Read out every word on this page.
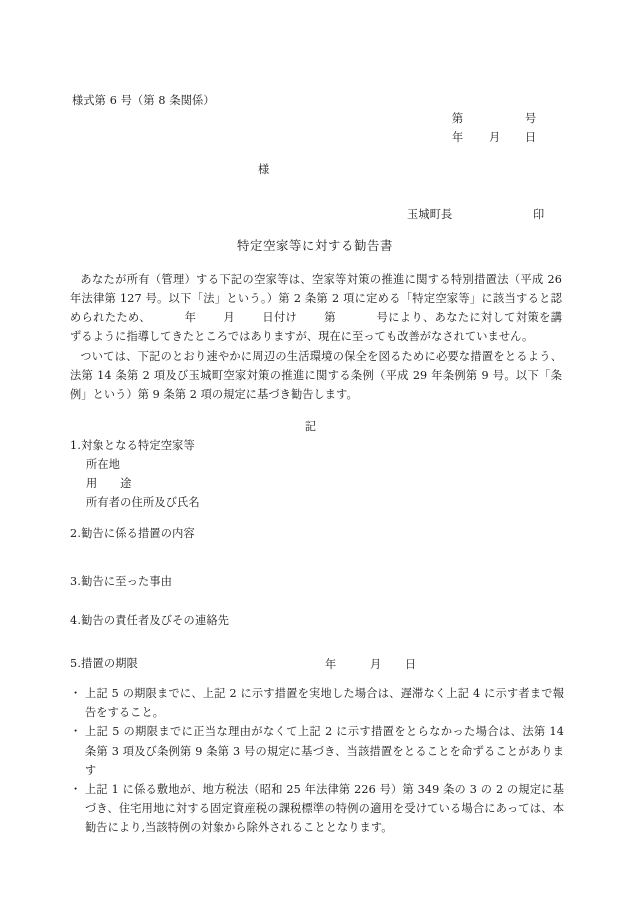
様式第 6 号（第 8 条関係）
第	号
年 月 日
様
玉城町長	印
特定空家等に対する勧告書
あなたが所有（管理）する下記の空家等は、空家等対策の推進に関する特別措置法（平成 26 年法律第 127 号。以下「法」という。）第 2 条第 2 項に定める「特定空家等」に該当すると認められたため、	年 月 日付け 第	号により、あなたに対して対策を講ずるように指導してきたところではありますが、現在に至っても改善がなされていません。
ついては、下記のとおり速やかに周辺の生活環境の保全を図るために必要な措置をとるよう、法第 14 条第 2 項及び玉城町空家対策の推進に関する条例（平成 29 年条例第 9 号。以下「条例」という）第 9 条第 2 項の規定に基づき勧告します。
記
1.対象となる特定空家等
所在地
用　　途
所有者の住所及び氏名
2.勧告に係る措置の内容
3.勧告に至った事由
4.勧告の責任者及びその連絡先
5.措置の期限	年	月 日
・ 上記 5 の期限までに、上記 2 に示す措置を実地した場合は、遅滞なく上記 4 に示す者まで報告をすること。
・ 上記 5 の期限までに正当な理由がなくて上記 2 に示す措置をとらなかった場合は、法第 14 条第 3 項及び条例第 9 条第 3 号の規定に基づき、当該措置をとることを命ずることがあります
・ 上記 1 に係る敷地が、地方税法（昭和 25 年法律第 226 号）第 349 条の 3 の 2 の規定に基づき、住宅用地に対する固定資産税の課税標準の特例の適用を受けている場合にあっては、本勧告により,当該特例の対象から除外されることとなります。
